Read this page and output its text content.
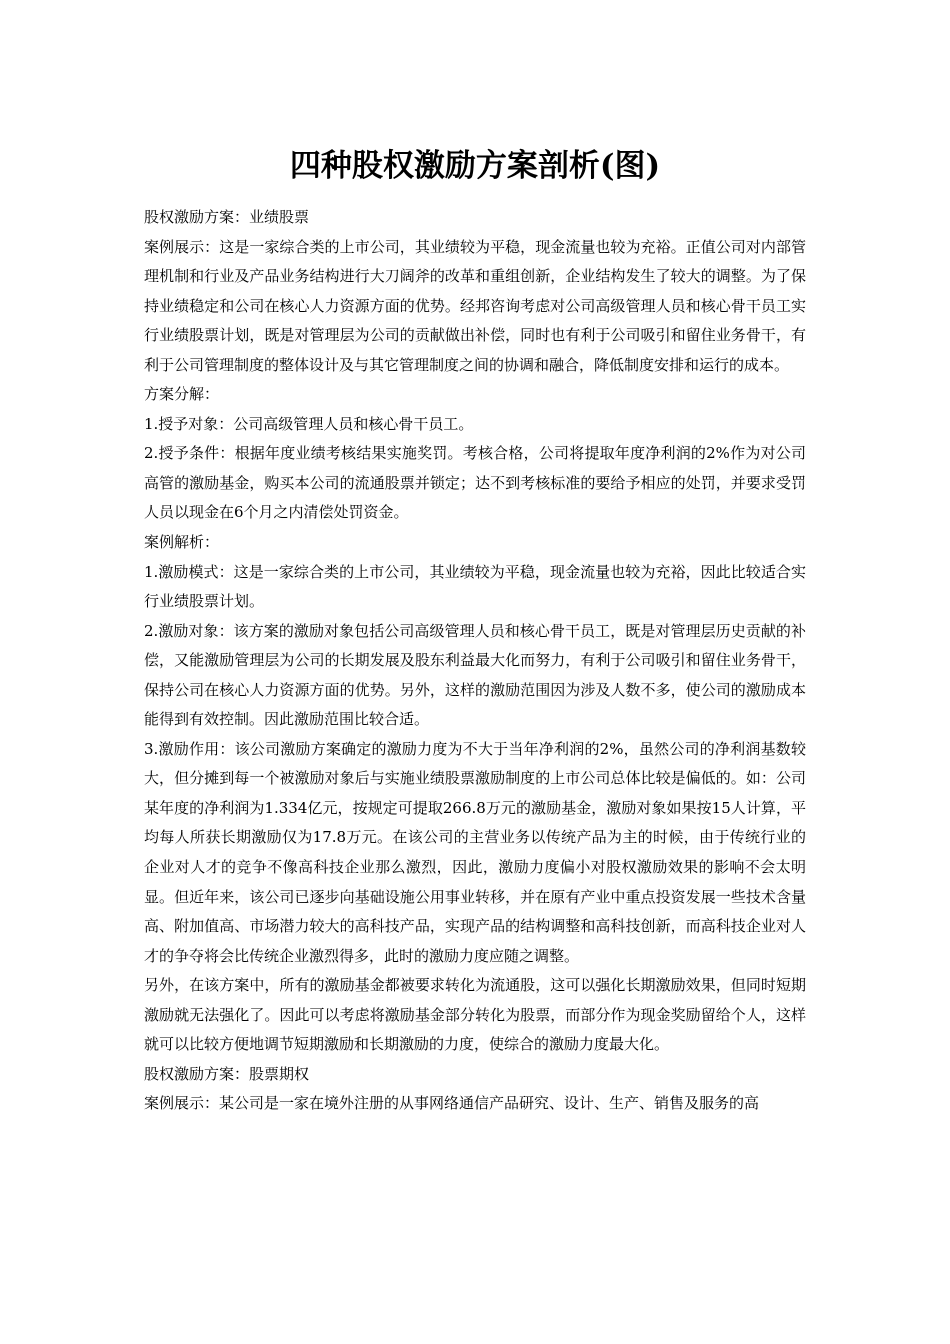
四种股权激励方案剖析(图)

股权激励方案：业绩股票

案例展示：这是一家综合类的上市公司，其业绩较为平稳，现金流量也较为充裕。正值公司对内部管理机制和行业及产品业务结构进行大刀阔斧的改革和重组创新，企业结构发生了较大的调整。为了保持业绩稳定和公司在核心人力资源方面的优势。经邦咨询考虑对公司高级管理人员和核心骨干员工实行业绩股票计划，既是对管理层为公司的贡献做出补偿，同时也有利于公司吸引和留住业务骨干，有利于公司管理制度的整体设计及与其它管理制度之间的协调和融合，降低制度安排和运行的成本。

方案分解：

1.授予对象：公司高级管理人员和核心骨干员工。

2.授予条件：根据年度业绩考核结果实施奖罚。考核合格，公司将提取年度净利润的2%作为对公司高管的激励基金，购买本公司的流通股票并锁定；达不到考核标准的要给予相应的处罚，并要求受罚人员以现金在6个月之内清偿处罚资金。

案例解析：

1.激励模式：这是一家综合类的上市公司，其业绩较为平稳，现金流量也较为充裕，因此比较适合实行业绩股票计划。

2.激励对象：该方案的激励对象包括公司高级管理人员和核心骨干员工，既是对管理层历史贡献的补偿，又能激励管理层为公司的长期发展及股东利益最大化而努力，有利于公司吸引和留住业务骨干，保持公司在核心人力资源方面的优势。另外，这样的激励范围因为涉及人数不多，使公司的激励成本能得到有效控制。因此激励范围比较合适。

3.激励作用：该公司激励方案确定的激励力度为不大于当年净利润的2%，虽然公司的净利润基数较大，但分摊到每一个被激励对象后与实施业绩股票激励制度的上市公司总体比较是偏低的。如：公司某年度的净利润为1.334亿元，按规定可提取266.8万元的激励基金，激励对象如果按15人计算，平均每人所获长期激励仅为17.8万元。在该公司的主营业务以传统产品为主的时候，由于传统行业的企业对人才的竞争不像高科技企业那么激烈，因此，激励力度偏小对股权激励效果的影响不会太明显。但近年来，该公司已逐步向基础设施公用事业转移，并在原有产业中重点投资发展一些技术含量高、附加值高、市场潜力较大的高科技产品，实现产品的结构调整和高科技创新，而高科技企业对人才的争夺将会比传统企业激烈得多，此时的激励力度应随之调整。

另外，在该方案中，所有的激励基金都被要求转化为流通股，这可以强化长期激励效果，但同时短期激励就无法强化了。因此可以考虑将激励基金部分转化为股票，而部分作为现金奖励留给个人，这样就可以比较方便地调节短期激励和长期激励的力度，使综合的激励力度最大化。

股权激励方案：股票期权

案例展示：某公司是一家在境外注册的从事网络通信产品研究、设计、生产、销售及服务的高
